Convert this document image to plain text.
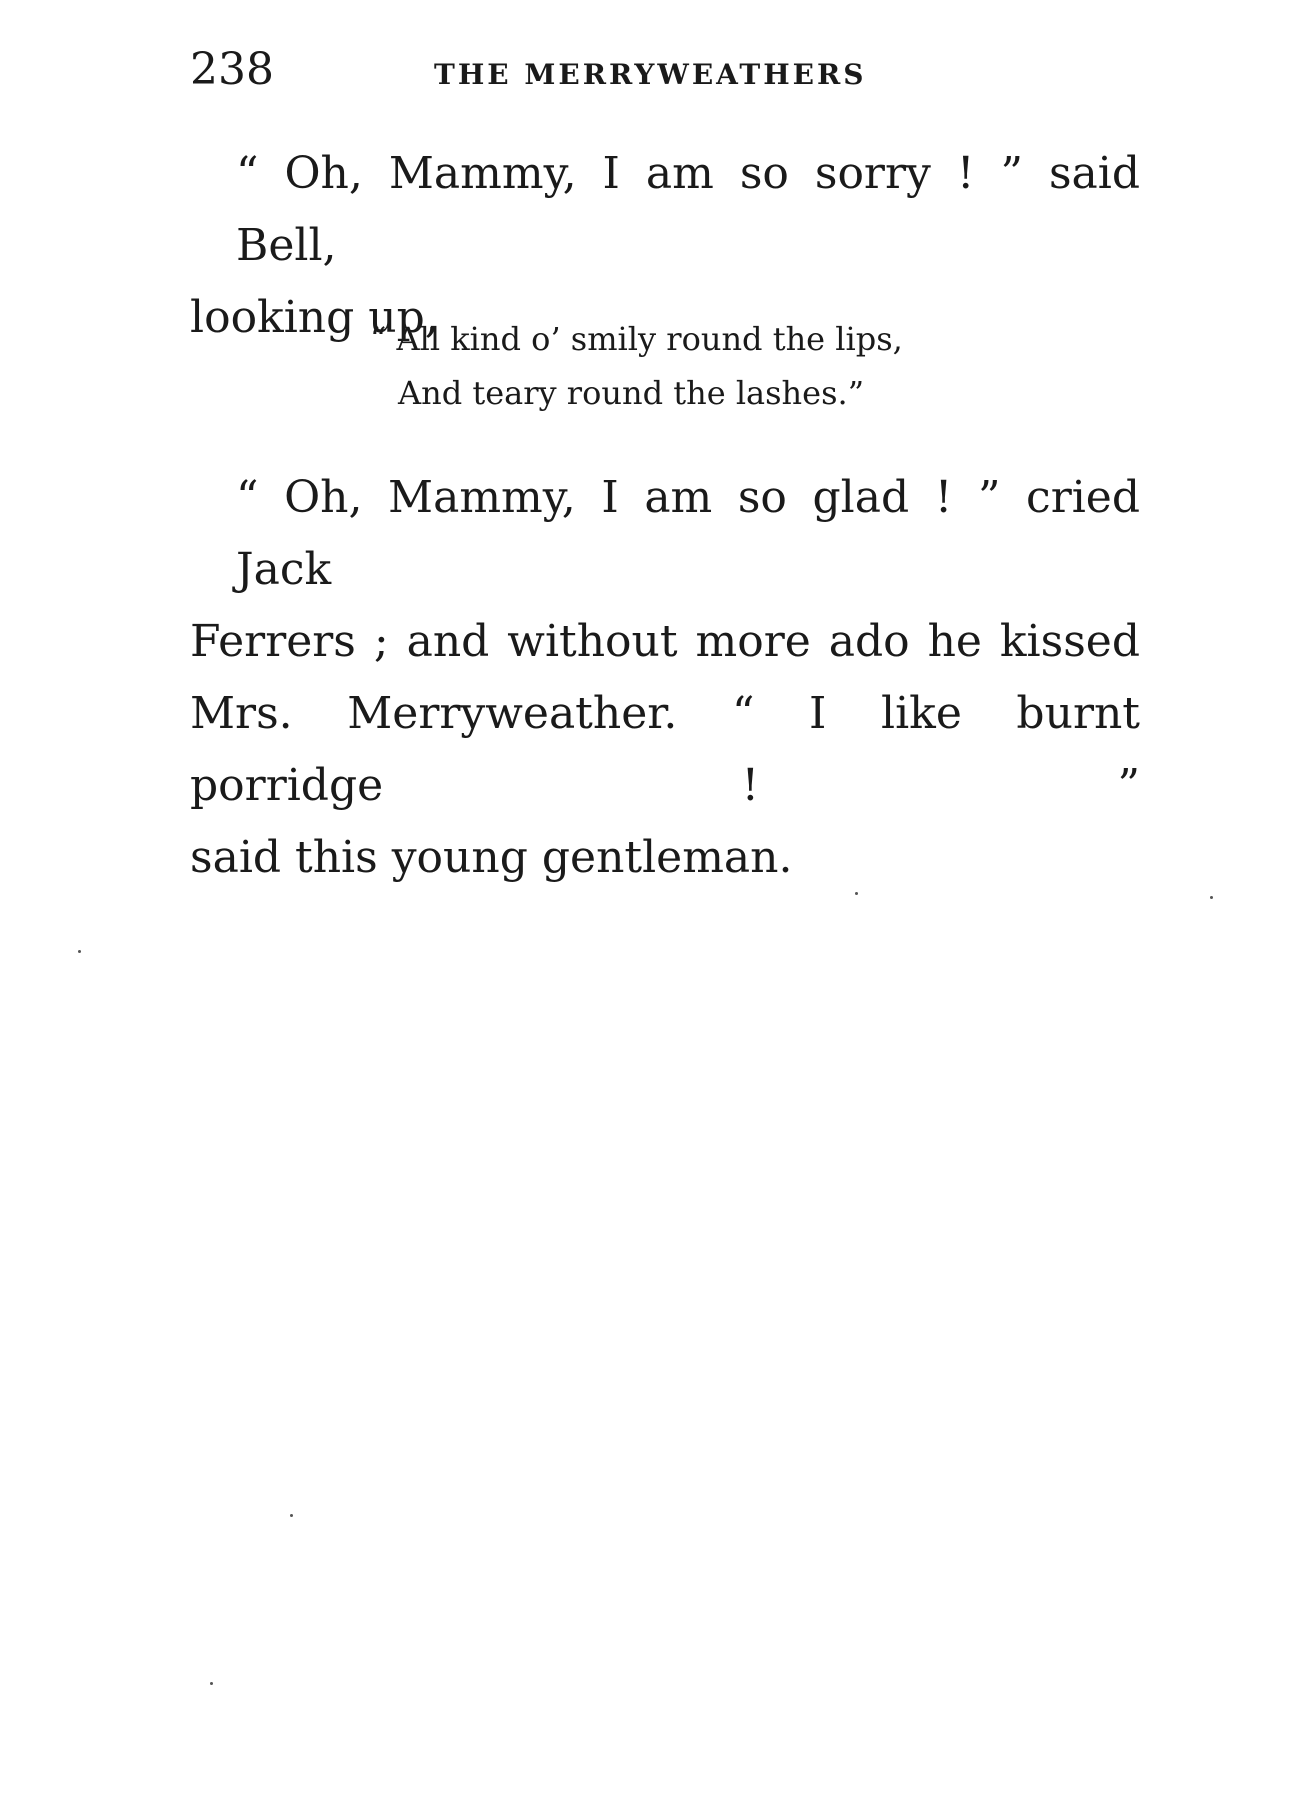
238	THE MERRYWEATHERS

“ Oh, Mammy, I am so sorry ! ” said Bell,
looking up,

“ All kind o’ smily round the lips,
And teary round the lashes.”

“ Oh, Mammy, I am so glad ! ” cried Jack
Ferrers ; and without more ado he kissed
Mrs. Merryweather. “ I like burnt porridge ! ”
said this young gentleman.
